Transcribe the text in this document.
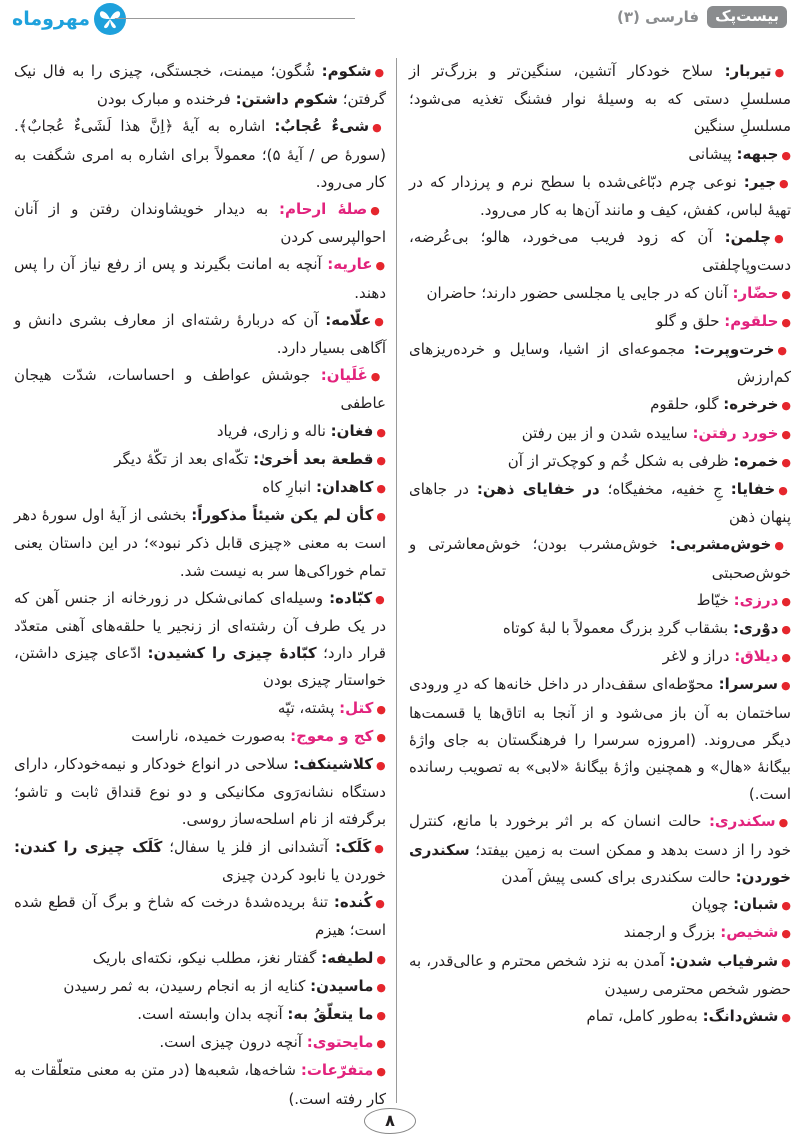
مهروماه	بیست‌پک
فارسی (۳)

●تیربار: سلاح خودکار آتشین، سنگین‌تر و بزرگ‌تر از مسلسلِ دستی که به وسیلهٔ نوار فشنگ تغذیه می‌شود؛ مسلسلِ سنگین

●جبهه: پیشانی

●جیر: نوعی چرم دبّاغی‌شده با سطح نرم و پرزدار که در تهیهٔ لباس، کفش، کیف و مانند آن‌ها به کار می‌رود.

●چلمن: آن که زود فریب می‌خورد، هالو؛ بی‌عُرضه، دست‌وپاچلفتی

●حضّار: آنان که در جایی یا مجلسی حضور دارند؛ حاضران

●حلقوم: حلق و گلو

●خرت‌وپرت: مجموعه‌ای از اشیا، وسایل و خرده‌ریزهای کم‌ارزش

●خرخره: گلو، حلقوم

●خورد رفتن: ساییده شدن و از بین رفتن

●خمره: ظرفی به شکل خُم و کوچک‌تر از آن

●خفایا: جِ خفیه، مخفیگاه؛ در خفایای ذهن: در جاهای پنهان ذهن

●خوش‌مشربی: خوش‌مشرب بودن؛ خوش‌معاشرتی و خوش‌صحبتی

●درزی: خیّاط

●دوْری: بشقاب گردِ بزرگ معمولاً با لبهٔ کوتاه

●دیلاق: دراز و لاغر

●سرسرا: محوّطه‌ای سقف‌دار در داخل خانه‌ها که درِ ورودی ساختمان به آن باز می‌شود و از آنجا به اتاق‌ها یا قسمت‌ها دیگر می‌روند. (امروزه سرسرا را فرهنگستان به جای واژهٔ بیگانهٔ «هال» و همچنین واژهٔ بیگانهٔ «لابی» به تصویب رسانده است.)

●سکندری: حالت انسان که بر اثر برخورد با مانع، کنترل خود را از دست بدهد و ممکن است به زمین بیفتد؛ سکندری خوردن: حالت سکندری برای کسی پیش آمدن

●شبان: چوپان

●شخیص: بزرگ و ارجمند

●شرفیاب شدن: آمدن به نزد شخص محترم و عالی‌قدر، به حضور شخص محترمی رسیدن

●شش‌دانگ: به‌طور کامل، تمام

●شکوم: شُگون؛ میمنت، خجستگی، چیزی را به فال نیک گرفتن؛ شکوم داشتن: فرخنده و مبارک بودن

●شیءٌ عُجابٌ: اشاره به آیهٔ ﴿اِنَّ هذا لَشَیءٌ عُجابٌ﴾. (سورهٔ ص / آیهٔ ۵)؛ معمولاً برای اشاره به امری شگفت به کار می‌رود.

●صلهٔ ارحام: به دیدار خویشاوندان رفتن و از آنان احوالپرسی کردن

●عاریه: آنچه به امانت بگیرند و پس از رفع نیاز آن را پس دهند.

●علّامه: آن که دربارهٔ رشته‌ای از معارف بشری دانش و آگاهی بسیار دارد.

●غَلَیان: جوشش عواطف و احساسات، شدّت هیجان عاطفی

●فغان: ناله و زاری، فریاد

●قطعة بعد أخریٰ: تکّه‌ای بعد از تکّهٔ دیگر

●کاهدان: انبارِ کاه

●کأن لم یکن شیئاً مذکوراً: بخشی از آیهٔ اول سورهٔ دهر است به معنی «چیزی قابل ذکر نبود»؛ در این داستان یعنی تمام خوراکی‌ها سر به نیست شد.

●کبّاده: وسیله‌ای کمانی‌شکل در زورخانه از جنس آهن که در یک طرف آن رشته‌ای از زنجیر یا حلقه‌های آهنی متعدّد قرار دارد؛ کبّادهٔ چیزی را کشیدن: ادّعای چیزی داشتن، خواستار چیزی بودن

●کتل: پشته، تپّه

●کج و معوج: به‌صورت خمیده، ناراست

●کلاشینکف: سلاحی در انواع خودکار و نیمه‌خودکار، دارای دستگاه نشانه‌رَوی مکانیکی و دو نوع قنداق ثابت و تاشو؛ برگرفته از نام اسلحه‌ساز روسی.

●کَلَک: آتشدانی از فلز یا سفال؛ کَلَک چیزی را کندن: خوردن یا نابود کردن چیزی

●کُنده: تنهٔ بریده‌شدهٔ درخت که شاخ و برگ آن قطع شده است؛ هیزم

●لطیفه: گفتار نغز، مطلب نیکو، نکته‌ای باریک

●ماسیدن: کنایه از به انجام رسیدن، به ثمر رسیدن

●ما یتعلّقُ به: آنچه بدان وابسته است.

●مایحتوی: آنچه درون چیزی است.

●متفرّعات: شاخه‌ها، شعبه‌ها (در متن به معنی متعلّقات به کار رفته است.)

۸
